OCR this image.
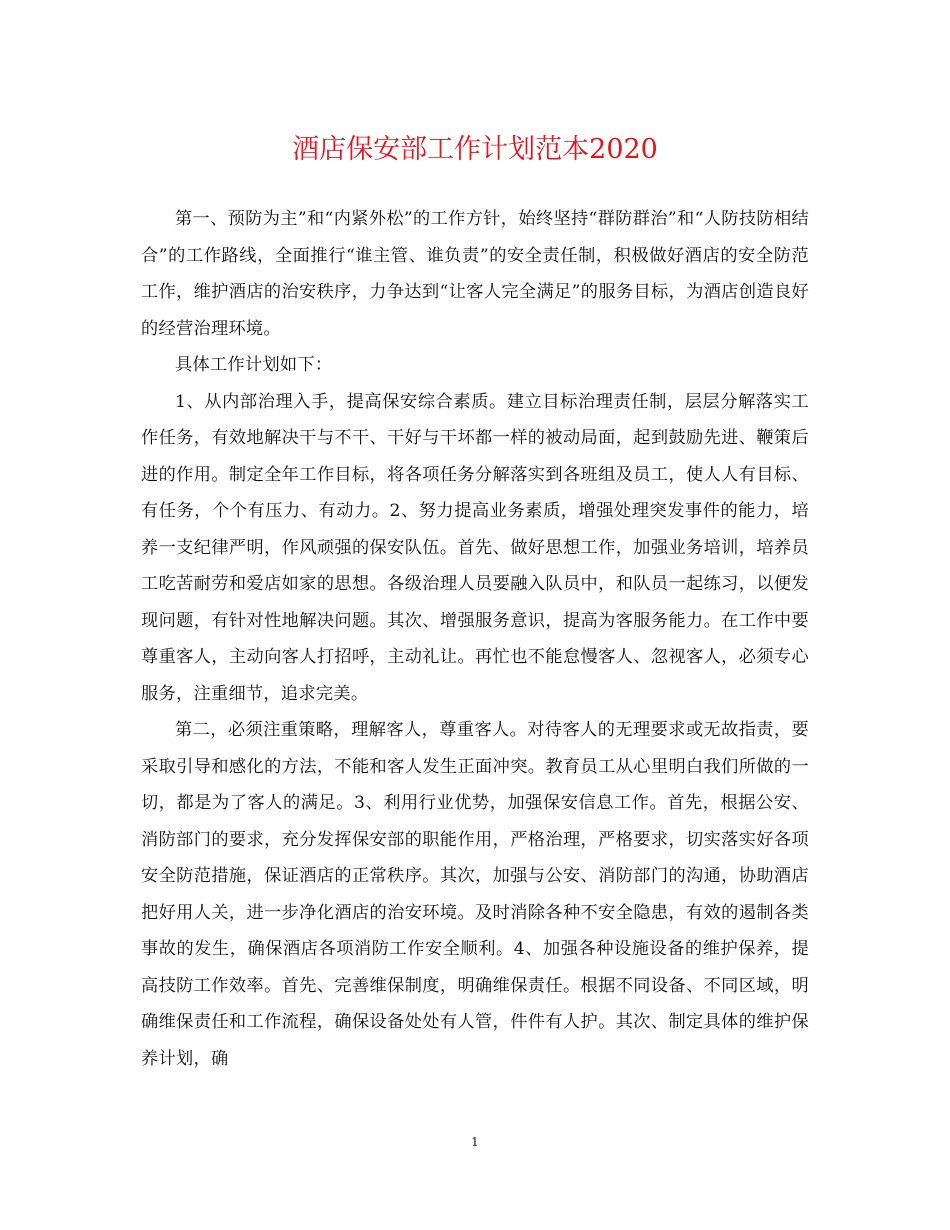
酒店保安部工作计划范本2020

第一、预防为主”和“内紧外松”的工作方针，始终坚持“群防群治”和“人防技防相结合”的工作路线，全面推行“谁主管、谁负责”的安全责任制，积极做好酒店的安全防范工作，维护酒店的治安秩序，力争达到“让客人完全满足”的服务目标，为酒店创造良好的经营治理环境。

具体工作计划如下：

1、从内部治理入手，提高保安综合素质。建立目标治理责任制，层层分解落实工作任务，有效地解决干与不干、干好与干坏都一样的被动局面，起到鼓励先进、鞭策后进的作用。制定全年工作目标，将各项任务分解落实到各班组及员工，使人人有目标、有任务，个个有压力、有动力。2、努力提高业务素质，增强处理突发事件的能力，培养一支纪律严明，作风顽强的保安队伍。首先、做好思想工作，加强业务培训，培养员工吃苦耐劳和爱店如家的思想。各级治理人员要融入队员中，和队员一起练习，以便发现问题，有针对性地解决问题。其次、增强服务意识，提高为客服务能力。在工作中要尊重客人，主动向客人打招呼，主动礼让。再忙也不能怠慢客人、忽视客人，必须专心服务，注重细节，追求完美。

第二，必须注重策略，理解客人，尊重客人。对待客人的无理要求或无故指责，要采取引导和感化的方法，不能和客人发生正面冲突。教育员工从心里明白我们所做的一切，都是为了客人的满足。3、利用行业优势，加强保安信息工作。首先，根据公安、消防部门的要求，充分发挥保安部的职能作用，严格治理，严格要求，切实落实好各项安全防范措施，保证酒店的正常秩序。其次，加强与公安、消防部门的沟通，协助酒店把好用人关，进一步净化酒店的治安环境。及时消除各种不安全隐患，有效的遏制各类事故的发生，确保酒店各项消防工作安全顺利。4、加强各种设施设备的维护保养，提高技防工作效率。首先、完善维保制度，明确维保责任。根据不同设备、不同区域，明确维保责任和工作流程，确保设备处处有人管，件件有人护。其次、制定具体的维护保养计划，确

1
